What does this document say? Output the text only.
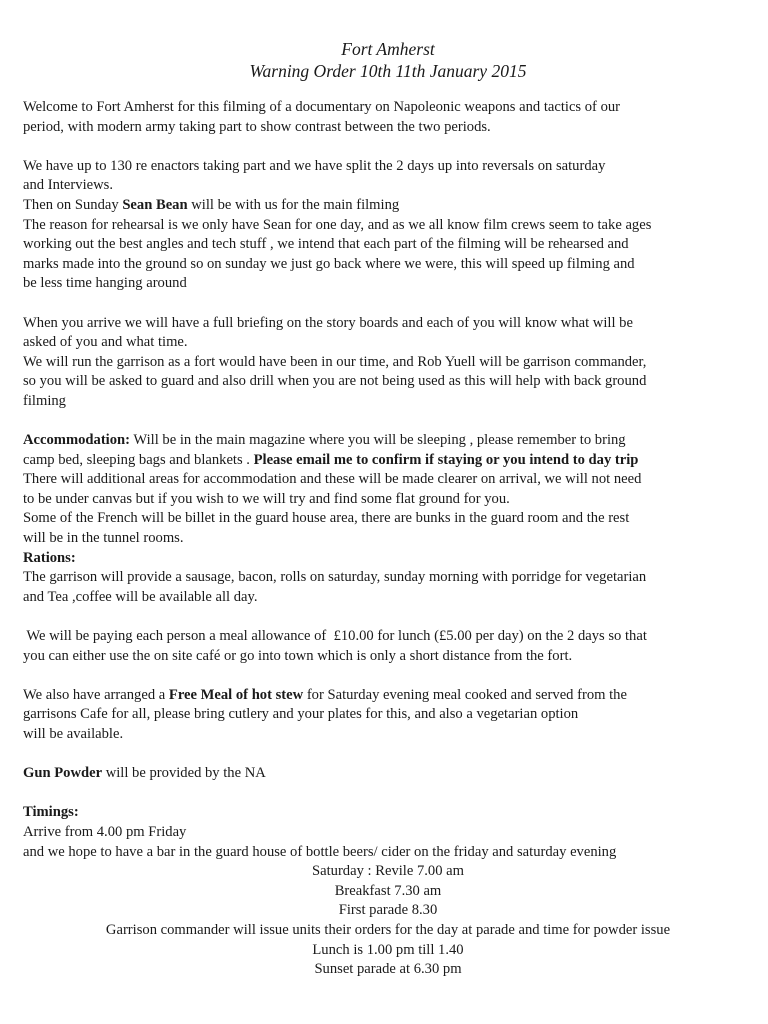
Fort Amherst
Warning Order 10th 11th January 2015
Welcome to Fort Amherst for this filming of a documentary on Napoleonic weapons and tactics of our
period, with modern army taking part to show contrast between the two periods.
We have up to 130 re enactors taking part and we have split the 2 days up into reversals on saturday
and Interviews.
Then on Sunday Sean Bean will be with us for the main filming
The reason for rehearsal is we only have Sean for one day, and as we all know film crews seem to take ages
working out the best angles and tech stuff , we intend that each part of the filming will be rehearsed and
marks made into the ground so on sunday we just go back where we were, this will speed up filming and
be less time hanging around
When you arrive we will have a full briefing on the story boards and each of you will know what will be
asked of you and what time.
We will run the garrison as a fort would have been in our time, and Rob Yuell will be garrison commander,
so you will be asked to guard and also drill when you are not being used as this will help with back ground
filming
Accommodation: Will be in the main magazine where you will be sleeping , please remember to bring
camp bed, sleeping bags and blankets . Please email me to confirm if staying or you intend to day trip
There will additional areas for accommodation and these will be made clearer on arrival, we will not need
to be under canvas but if you wish to we will try and find some flat ground for you.
Some of the French will be billet in the guard house area, there are bunks in the guard room and the rest
will be in the tunnel rooms.
Rations:
The garrison will provide a sausage, bacon, rolls on saturday, sunday morning with porridge for vegetarian
and Tea ,coffee will be available all day.
We will be paying each person a meal allowance of  £10.00 for lunch (£5.00 per day) on the 2 days so that
you can either use the on site café or go into town which is only a short distance from the fort.
We also have arranged a Free Meal of hot stew for Saturday evening meal cooked and served from the
garrisons Cafe for all, please bring cutlery and your plates for this, and also a vegetarian option
will be available.
Gun Powder will be provided by the NA
Timings:
Arrive from 4.00 pm Friday
and we hope to have a bar in the guard house of bottle beers/ cider on the friday and saturday evening
Saturday : Revile 7.00 am
Breakfast 7.30 am
First parade 8.30
Garrison commander will issue units their orders for the day at parade and time for powder issue
Lunch is 1.00 pm till 1.40
Sunset parade at 6.30 pm
